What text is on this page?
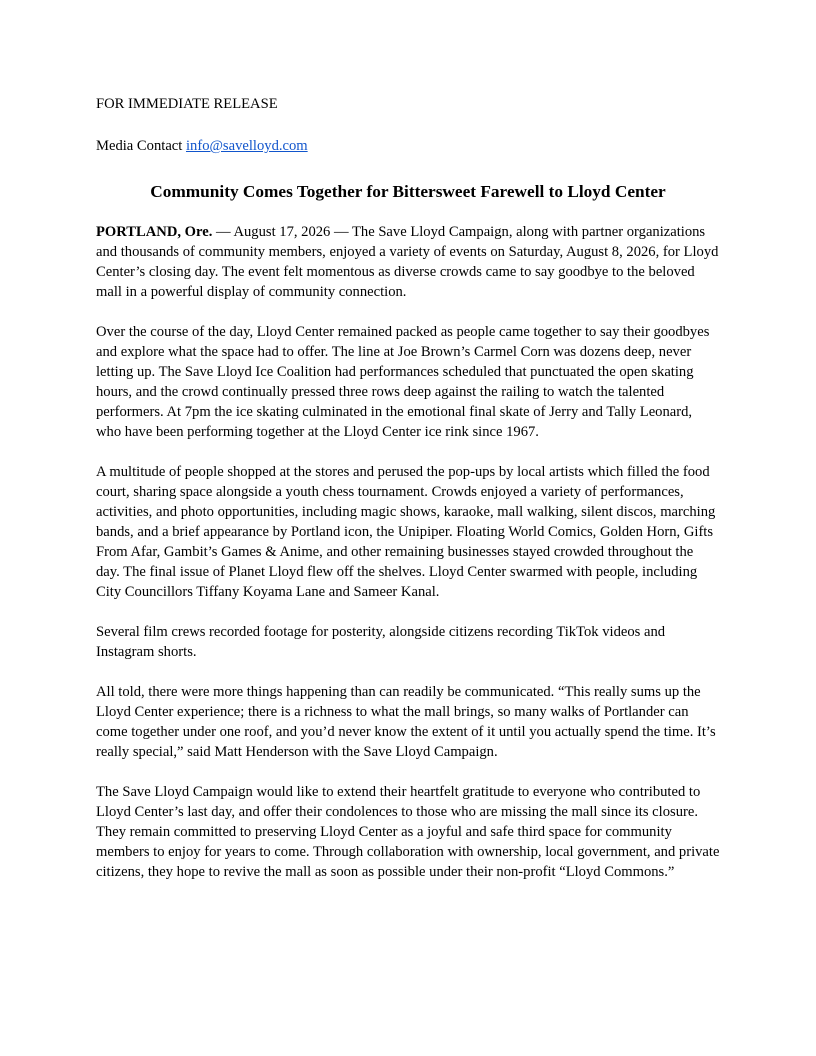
FOR IMMEDIATE RELEASE

Media Contact info@savelloyd.com

Community Comes Together for Bittersweet Farewell to Lloyd Center

PORTLAND, Ore. — August 17, 2026 — The Save Lloyd Campaign, along with partner organizations and thousands of community members, enjoyed a variety of events on Saturday, August 8, 2026, for Lloyd Center’s closing day. The event felt momentous as diverse crowds came to say goodbye to the beloved mall in a powerful display of community connection.

Over the course of the day, Lloyd Center remained packed as people came together to say their goodbyes and explore what the space had to offer. The line at Joe Brown’s Carmel Corn was dozens deep, never letting up. The Save Lloyd Ice Coalition had performances scheduled that punctuated the open skating hours, and the crowd continually pressed three rows deep against the railing to watch the talented performers. At 7pm the ice skating culminated in the emotional final skate of Jerry and Tally Leonard, who have been performing together at the Lloyd Center ice rink since 1967.

A multitude of people shopped at the stores and perused the pop-ups by local artists which filled the food court, sharing space alongside a youth chess tournament. Crowds enjoyed a variety of performances, activities, and photo opportunities, including magic shows, karaoke, mall walking, silent discos, marching bands, and a brief appearance by Portland icon, the Unipiper. Floating World Comics, Golden Horn, Gifts From Afar, Gambit’s Games & Anime, and other remaining businesses stayed crowded throughout the day. The final issue of Planet Lloyd flew off the shelves. Lloyd Center swarmed with people, including City Councillors Tiffany Koyama Lane and Sameer Kanal.

Several film crews recorded footage for posterity, alongside citizens recording TikTok videos and Instagram shorts.

All told, there were more things happening than can readily be communicated. “This really sums up the Lloyd Center experience; there is a richness to what the mall brings, so many walks of Portlander can come together under one roof, and you’d never know the extent of it until you actually spend the time. It’s really special,” said Matt Henderson with the Save Lloyd Campaign.

The Save Lloyd Campaign would like to extend their heartfelt gratitude to everyone who contributed to Lloyd Center’s last day, and offer their condolences to those who are missing the mall since its closure. They remain committed to preserving Lloyd Center as a joyful and safe third space for community members to enjoy for years to come. Through collaboration with ownership, local government, and private citizens, they hope to revive the mall as soon as possible under their non-profit “Lloyd Commons.”
